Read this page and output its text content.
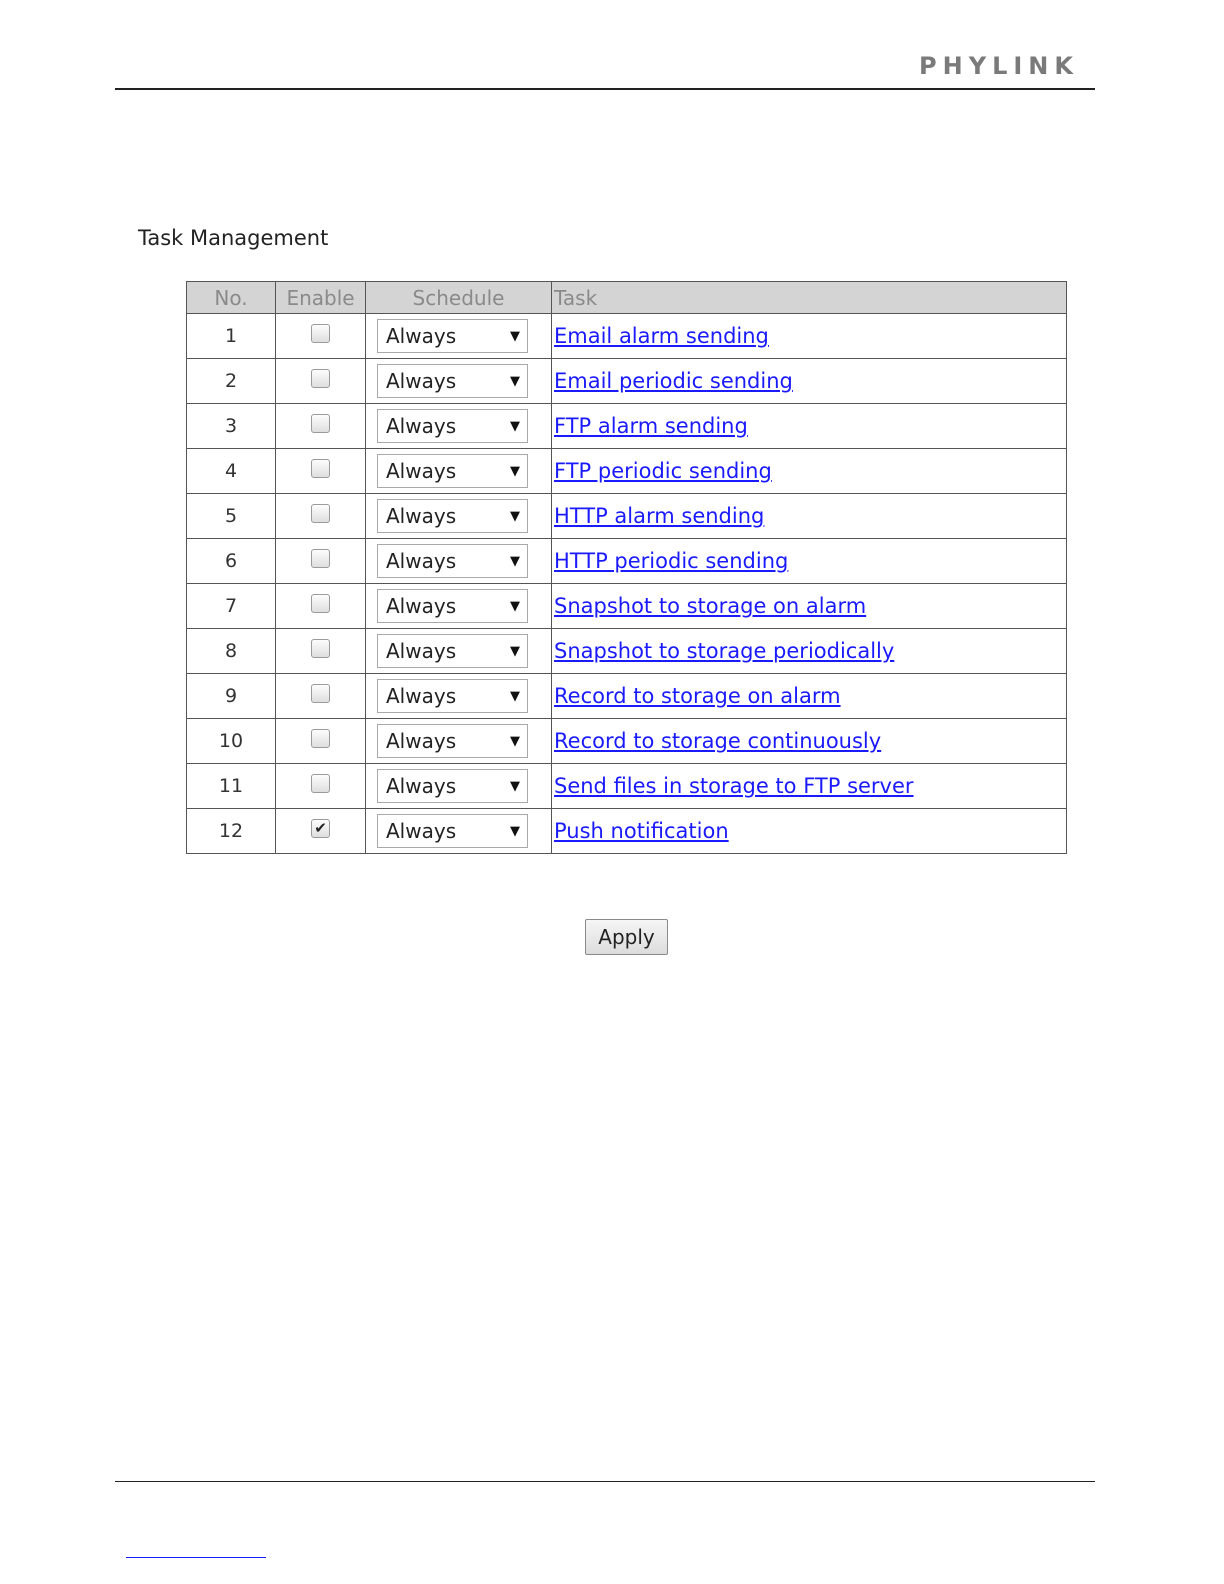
PHYLINK
Task Management
No.	Enable	Schedule	Task
1		Always ▼	Email alarm sending
2		Always ▼	Email periodic sending
3		Always ▼	FTP alarm sending
4		Always ▼	FTP periodic sending
5		Always ▼	HTTP alarm sending
6		Always ▼	HTTP periodic sending
7		Always ▼	Snapshot to storage on alarm
8		Always ▼	Snapshot to storage periodically
9		Always ▼	Record to storage on alarm
10		Always ▼	Record to storage continuously
11		Always ▼	Send files in storage to FTP server
12	✔	Always ▼	Push notification
Apply
